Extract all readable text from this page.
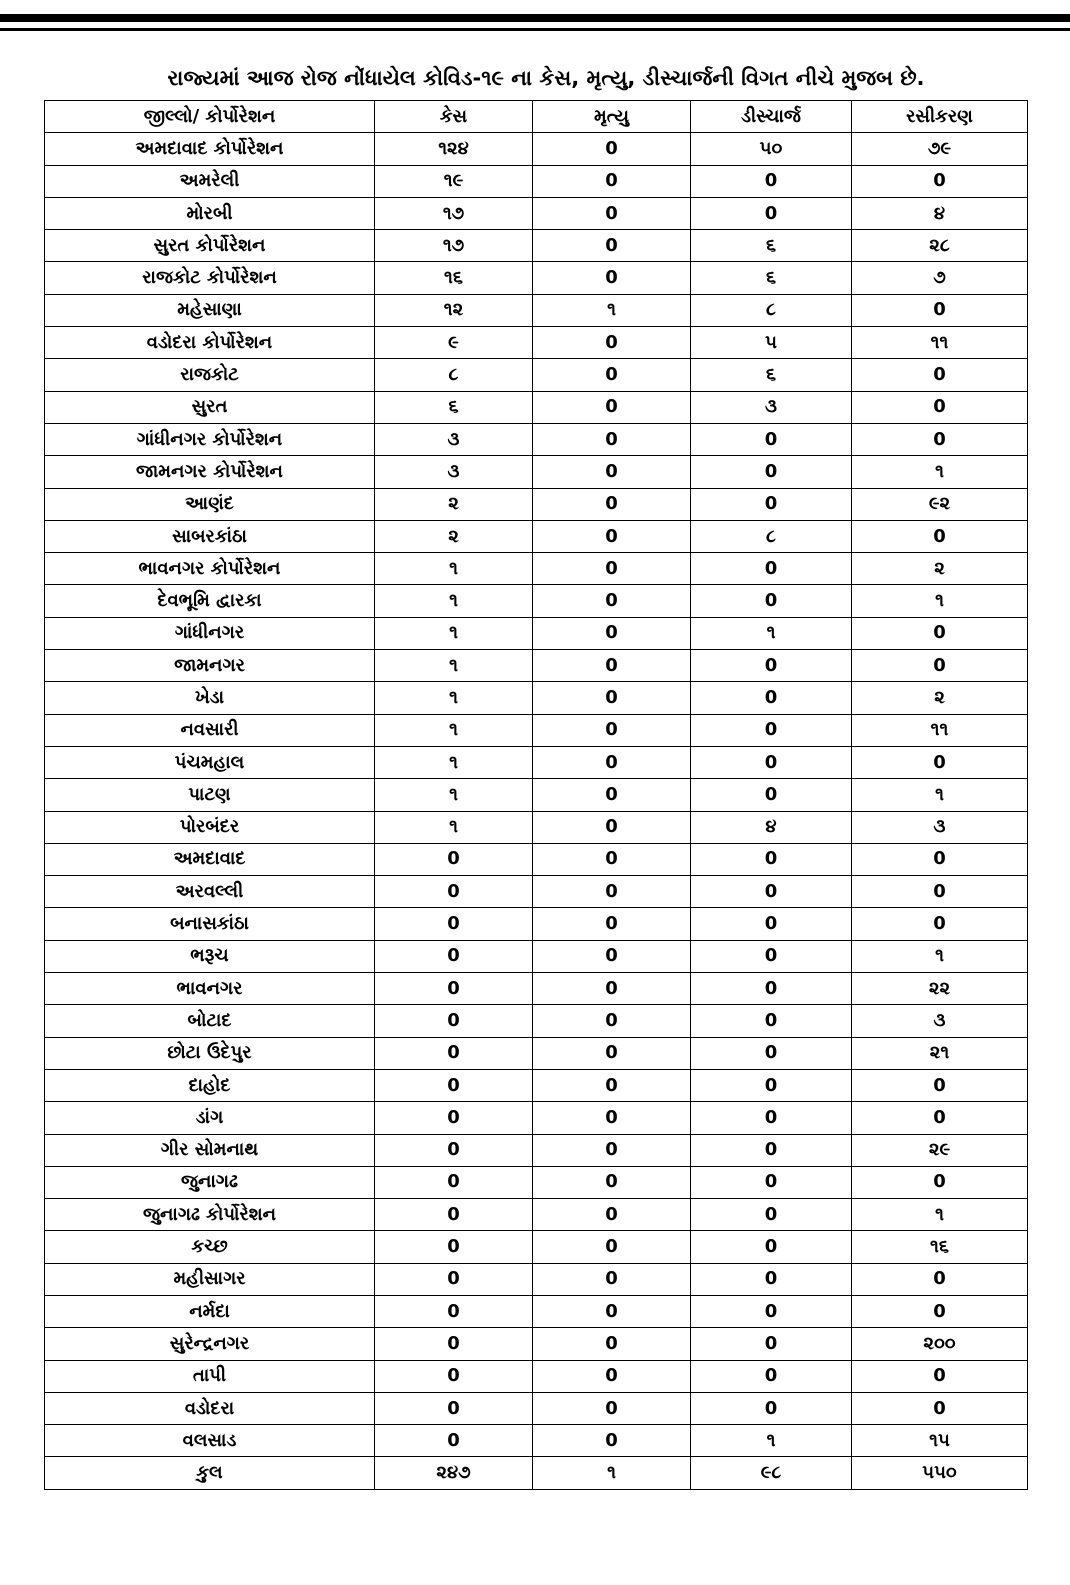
રાજ્યમાં આજ રોજ નોંધાયેલ કોવિડ-૧૯ ના કેસ, મૃત્યુ, ડીસ્ચાર્જની વિગત નીચે મુજબ છે.
જીલ્લો/ કોર્પોરેશન	કેસ	મૃત્યુ	ડીસ્ચાર્જ	રસીકરણ
અમદાવાદ કોર્પોરેશન	૧૨૪	0	૫૦	૭૯
અમરેલી	૧૯	0	0	0
મોરબી	૧૭	0	0	૪
સુરત કોર્પોરેશન	૧૭	0	૬	૨૮
રાજકોટ કોર્પોરેશન	૧૬	0	૬	૭
મહેસાણા	૧૨	૧	૮	0
વડોદરા કોર્પોરેશન	૯	0	૫	૧૧
રાજકોટ	૮	0	૬	0
સુરત	૬	0	૩	0
ગાંધીનગર કોર્પોરેશન	૩	0	0	0
જામનગર કોર્પોરેશન	૩	0	0	૧
આણંદ	૨	0	0	૯૨
સાબરકાંઠા	૨	0	૮	0
ભાવનગર કોર્પોરેશન	૧	0	0	૨
દેવભૂમિ દ્વારકા	૧	0	0	૧
ગાંધીનગર	૧	0	૧	0
જામનગર	૧	0	0	0
ખેડા	૧	0	0	૨
નવસારી	૧	0	0	૧૧
પંચમહાલ	૧	0	0	0
પાટણ	૧	0	0	૧
પોરબંદર	૧	0	૪	૩
અમદાવાદ	0	0	0	0
અરવલ્લી	0	0	0	0
બનાસકાંઠા	0	0	0	0
ભરૂચ	0	0	0	૧
ભાવનગર	0	0	0	૨૨
બોટાદ	0	0	0	૩
છોટા ઉદેપુર	0	0	0	૨૧
દાહોદ	0	0	0	0
ડાંગ	0	0	0	0
ગીર સોમનાથ	0	0	0	૨૯
જુનાગઢ	0	0	0	0
જુનાગઢ કોર્પોરેશન	0	0	0	૧
કચ્છ	0	0	0	૧૬
મહીસાગર	0	0	0	0
નર્મદા	0	0	0	0
સુરેન્દ્રનગર	0	0	0	૨૦૦
તાપી	0	0	0	0
વડોદરા	0	0	0	0
વલસાડ	0	0	૧	૧૫
કુલ	૨૪૭	૧	૯૮	૫૫૦
